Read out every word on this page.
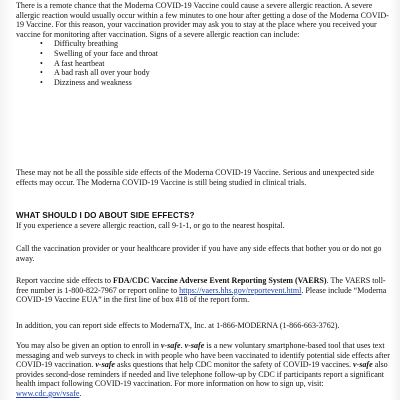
There is a remote chance that the Moderna COVID-19 Vaccine could cause a severe allergic reaction. A severe allergic reaction would usually occur within a few minutes to one hour after getting a dose of the Moderna COVID-19 Vaccine. For this reason, your vaccination provider may ask you to stay at the place where you received your vaccine for monitoring after vaccination. Signs of a severe allergic reaction can include:

• Difficulty breathing
• Swelling of your face and throat
• A fast heartbeat
• A bad rash all over your body
• Dizziness and weakness

These may not be all the possible side effects of the Moderna COVID-19 Vaccine. Serious and unexpected side effects may occur. The Moderna COVID-19 Vaccine is still being studied in clinical trials.

WHAT SHOULD I DO ABOUT SIDE EFFECTS?

If you experience a severe allergic reaction, call 9-1-1, or go to the nearest hospital.

Call the vaccination provider or your healthcare provider if you have any side effects that bother you or do not go away.

Report vaccine side effects to FDA/CDC Vaccine Adverse Event Reporting System (VAERS). The VAERS toll-free number is 1-800-822-7967 or report online to https://vaers.hhs.gov/reportevent.html. Please include “Moderna COVID-19 Vaccine EUA” in the first line of box #18 of the report form.

In addition, you can report side effects to ModernaTX, Inc. at 1-866-MODERNA (1-866-663-3762).

You may also be given an option to enroll in v-safe. v-safe is a new voluntary smartphone-based tool that uses text messaging and web surveys to check in with people who have been vaccinated to identify potential side effects after COVID-19 vaccination. v-safe asks questions that help CDC monitor the safety of COVID-19 vaccines. v-safe also provides second-dose reminders if needed and live telephone follow-up by CDC if participants report a significant health impact following COVID-19 vaccination. For more information on how to sign up, visit: www.cdc.gov/vsafe.
